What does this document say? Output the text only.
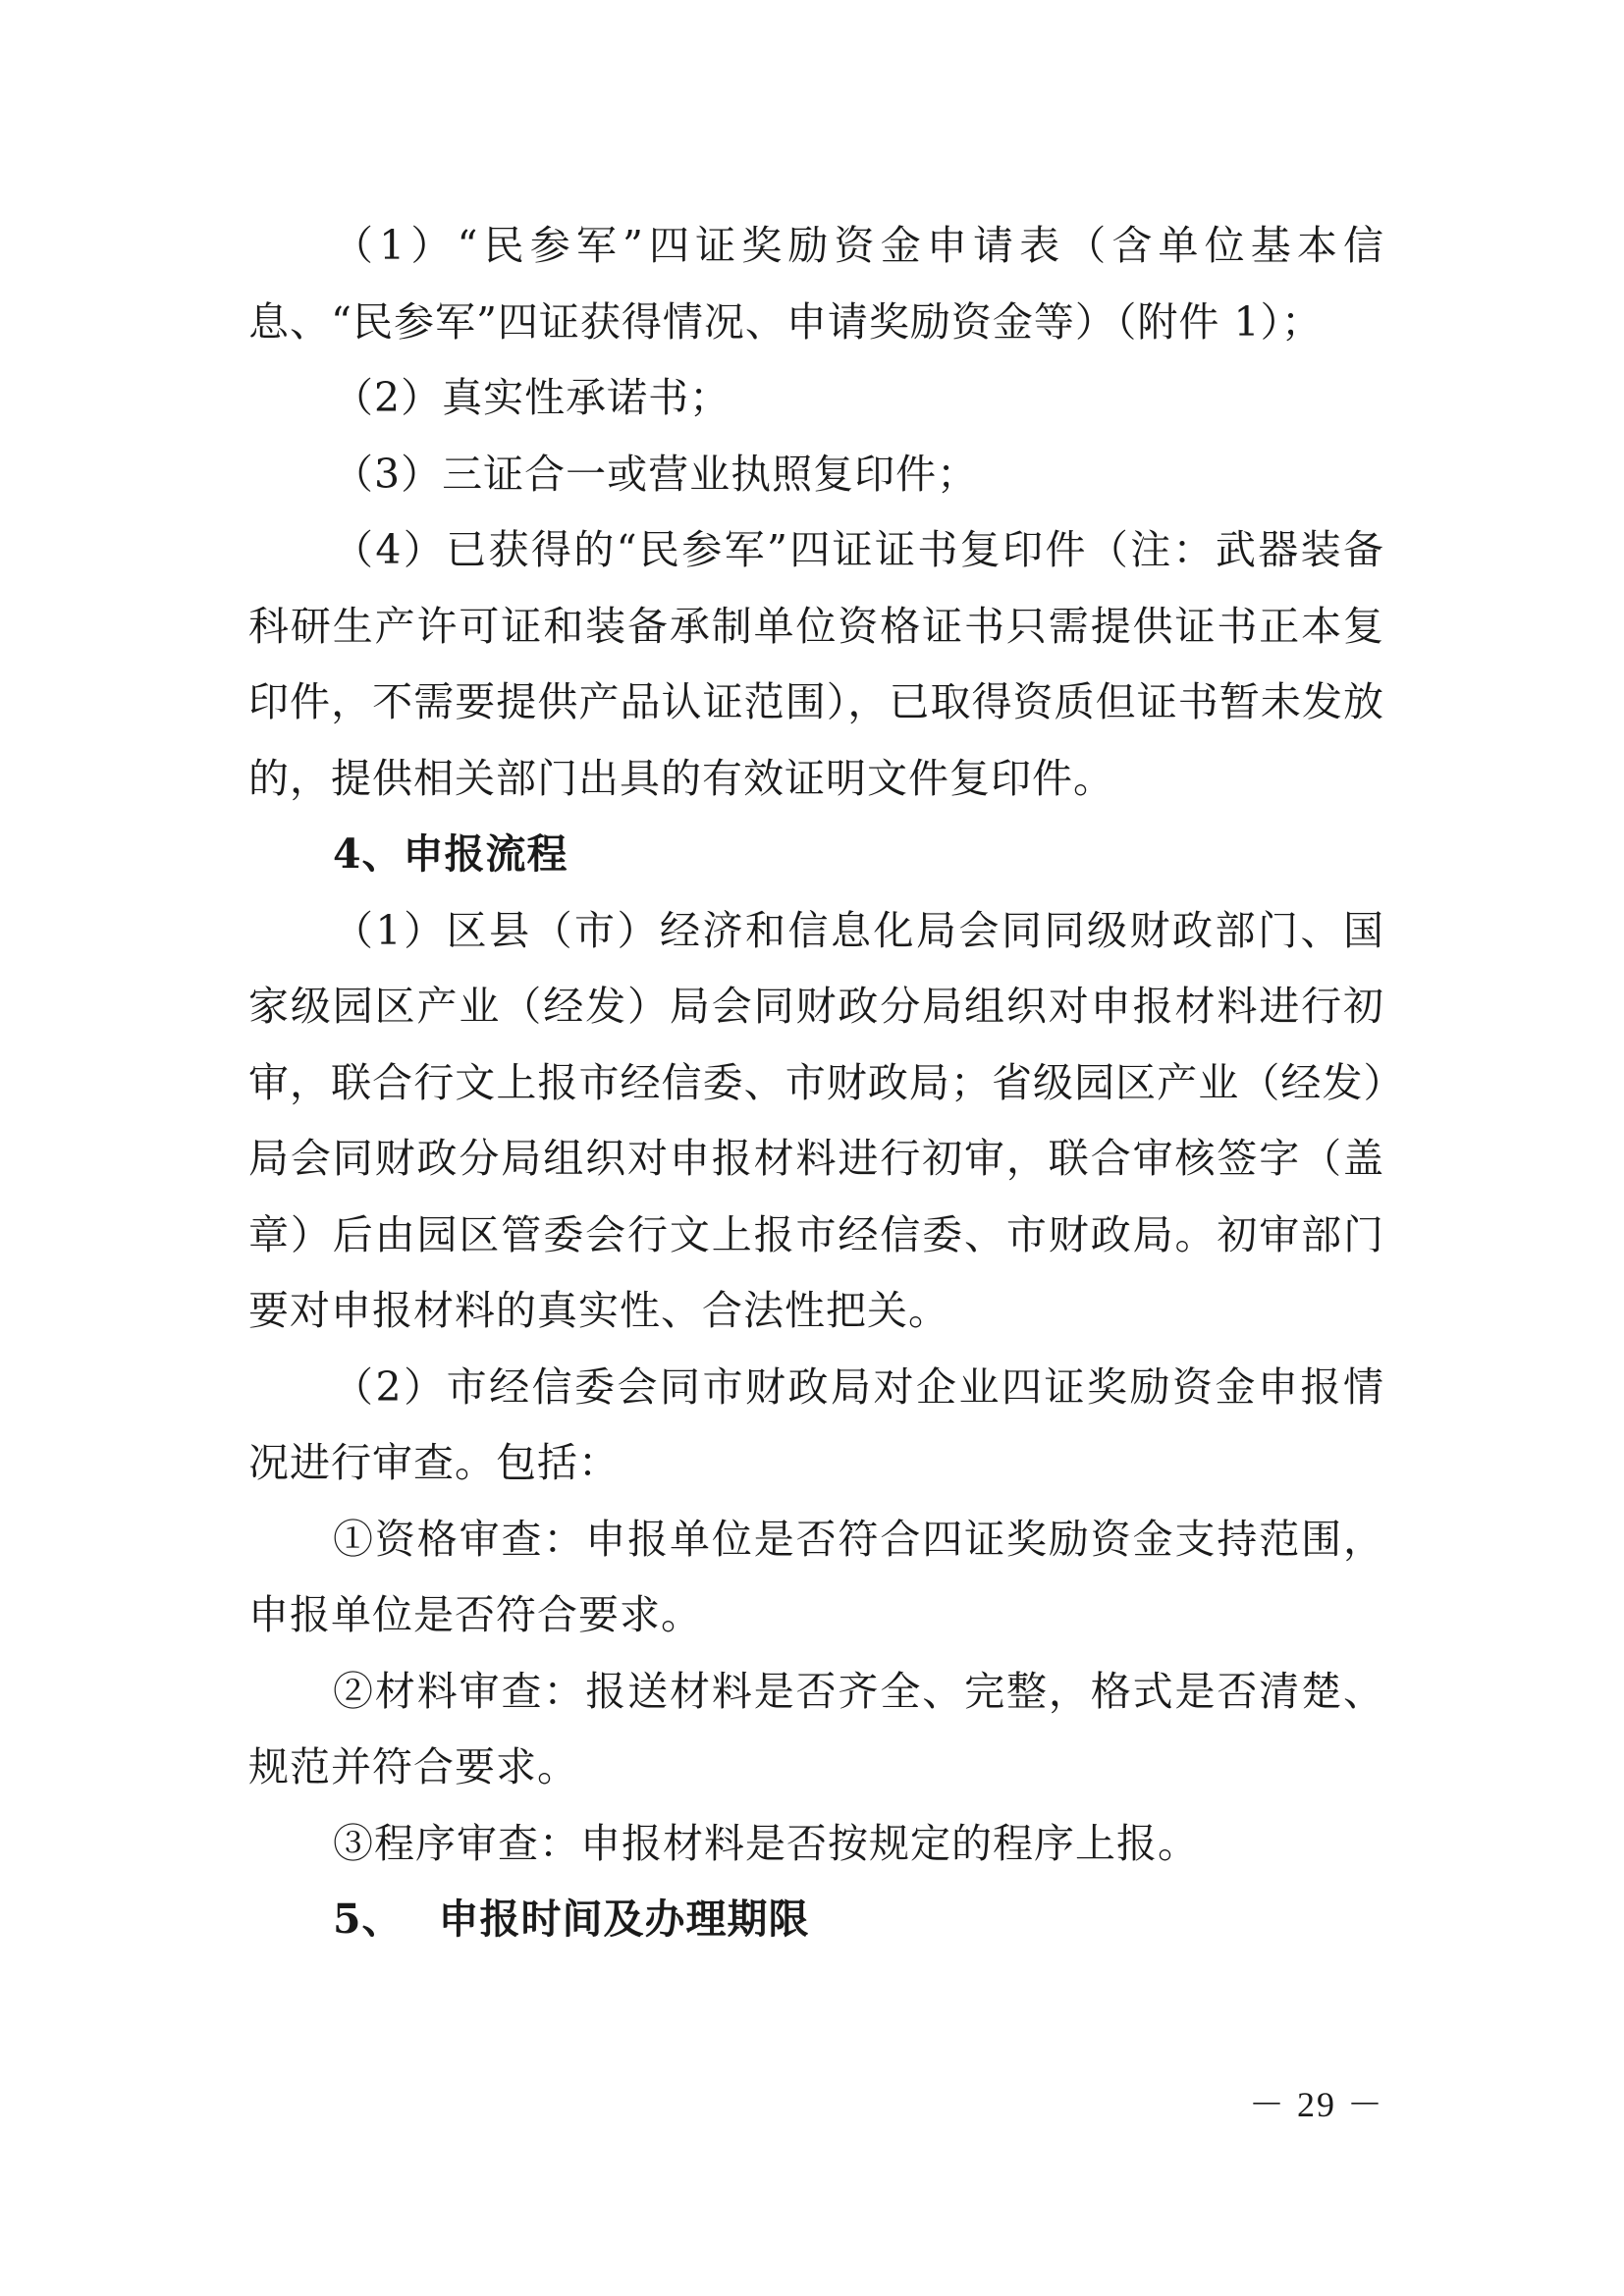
（1）“民参军”四证奖励资金申请表（含单位基本信息、“民参军”四证获得情况、申请奖励资金等）（附件 1）；

（2）真实性承诺书；

（3）三证合一或营业执照复印件；

（4）已获得的“民参军”四证证书复印件（注：武器装备科研生产许可证和装备承制单位资格证书只需提供证书正本复印件，不需要提供产品认证范围），已取得资质但证书暂未发放的，提供相关部门出具的有效证明文件复印件。

4、申报流程

（1）区县（市）经济和信息化局会同同级财政部门、国家级园区产业（经发）局会同财政分局组织对申报材料进行初审，联合行文上报市经信委、市财政局；省级园区产业（经发）局会同财政分局组织对申报材料进行初审，联合审核签字（盖章）后由园区管委会行文上报市经信委、市财政局。初审部门要对申报材料的真实性、合法性把关。

（2）市经信委会同市财政局对企业四证奖励资金申报情况进行审查。包括：

①资格审查：申报单位是否符合四证奖励资金支持范围，申报单位是否符合要求。

②材料审查：报送材料是否齐全、完整，格式是否清楚、规范并符合要求。

③程序审查：申报材料是否按规定的程序上报。

5、 申报时间及办理期限

－ 29 －
